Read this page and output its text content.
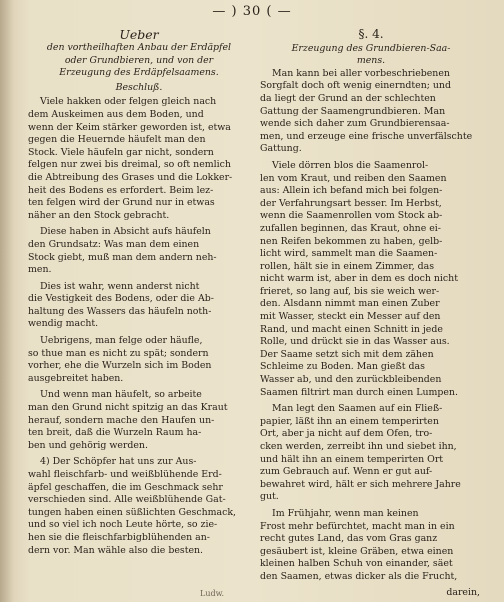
— ) 30 ( —
Ueber
den vortheilhaften Anbau der Erdäpfel
oder Grundbieren, und von der
Erzeugung des Erdäpfelsaamens.
Beschluß.
Viele hakken oder felgen gleich nach
dem Auskeimen aus dem Boden, und
wenn der Keim stärker geworden ist, etwa
gegen die Heuernde häufelt man den
Stock. Viele häufeln gar nicht, sondern
felgen nur zwei bis dreimal, so oft nemlich
die Abtreibung des Grases und die Lokker-
heit des Bodens es erfordert. Beim lez-
ten felgen wird der Grund nur in etwas
näher an den Stock gebracht.
Diese haben in Absicht aufs häufeln
den Grundsatz: Was man dem einen
Stock giebt, muß man dem andern neh-
men.
Dies ist wahr, wenn anderst nicht
die Vestigkeit des Bodens, oder die Ab-
haltung des Wassers das häufeln noth-
wendig macht.
Uebrigens, man felge oder häufle,
so thue man es nicht zu spät; sondern
vorher, ehe die Wurzeln sich im Boden
ausgebreitet haben.
Und wenn man häufelt, so arbeite
man den Grund nicht spitzig an das Kraut
herauf, sondern mache den Haufen un-
ten breit, daß die Wurzeln Raum ha-
ben und gehörig werden.
4) Der Schöpfer hat uns zur Aus-
wahl fleischfarb- und weißblühende Erd-
äpfel geschaffen, die im Geschmack sehr
verschieden sind. Alle weißblühende Gat-
tungen haben einen süßlichten Geschmack,
und so viel ich noch Leute hörte, so zie-
hen sie die fleischfarbigblühenden an-
dern vor. Man wähle also die besten.
§. 4.
Erzeugung des Grundbieren-Saa-
mens.
Man kann bei aller vorbeschriebenen
Sorgfalt doch oft wenig einerndten; und
da liegt der Grund an der schlechten
Gattung der Saamengrundbieren. Man
wende sich daher zum Grundbierensaa-
men, und erzeuge eine frische unverfälschte
Gattung.
Viele dörren blos die Saamenrol-
len vom Kraut, und reiben den Saamen
aus: Allein ich befand mich bei folgen-
der Verfahrungsart besser. Im Herbst,
wenn die Saamenrollen vom Stock ab-
zufallen beginnen, das Kraut, ohne ei-
nen Reifen bekommen zu haben, gelb-
licht wird, sammelt man die Saamen-
rollen, hält sie in einem Zimmer, das
nicht warm ist, aber in dem es doch nicht
frieret, so lang auf, bis sie weich wer-
den. Alsdann nimmt man einen Zuber
mit Wasser, steckt ein Messer auf den
Rand, und macht einen Schnitt in jede
Rolle, und drückt sie in das Wasser aus.
Der Saame setzt sich mit dem zähen
Schleime zu Boden. Man gießt das
Wasser ab, und den zurückbleibenden
Saamen filtrirt man durch einen Lumpen.
Man legt den Saamen auf ein Fließ-
papier, läßt ihn an einem temperirten
Ort, aber ja nicht auf dem Ofen, tro-
cken werden, zerreibt ihn und siebet ihn,
und hält ihn an einem temperirten Ort
zum Gebrauch auf. Wenn er gut auf-
bewahret wird, hält er sich mehrere Jahre
gut.
Im Frühjahr, wenn man keinen
Frost mehr befürchtet, macht man in ein
recht gutes Land, das vom Gras ganz
gesäubert ist, kleine Gräben, etwa einen
kleinen halben Schuh von einander, säet
den Saamen, etwas dicker als die Frucht,
Ludw.	darein,
